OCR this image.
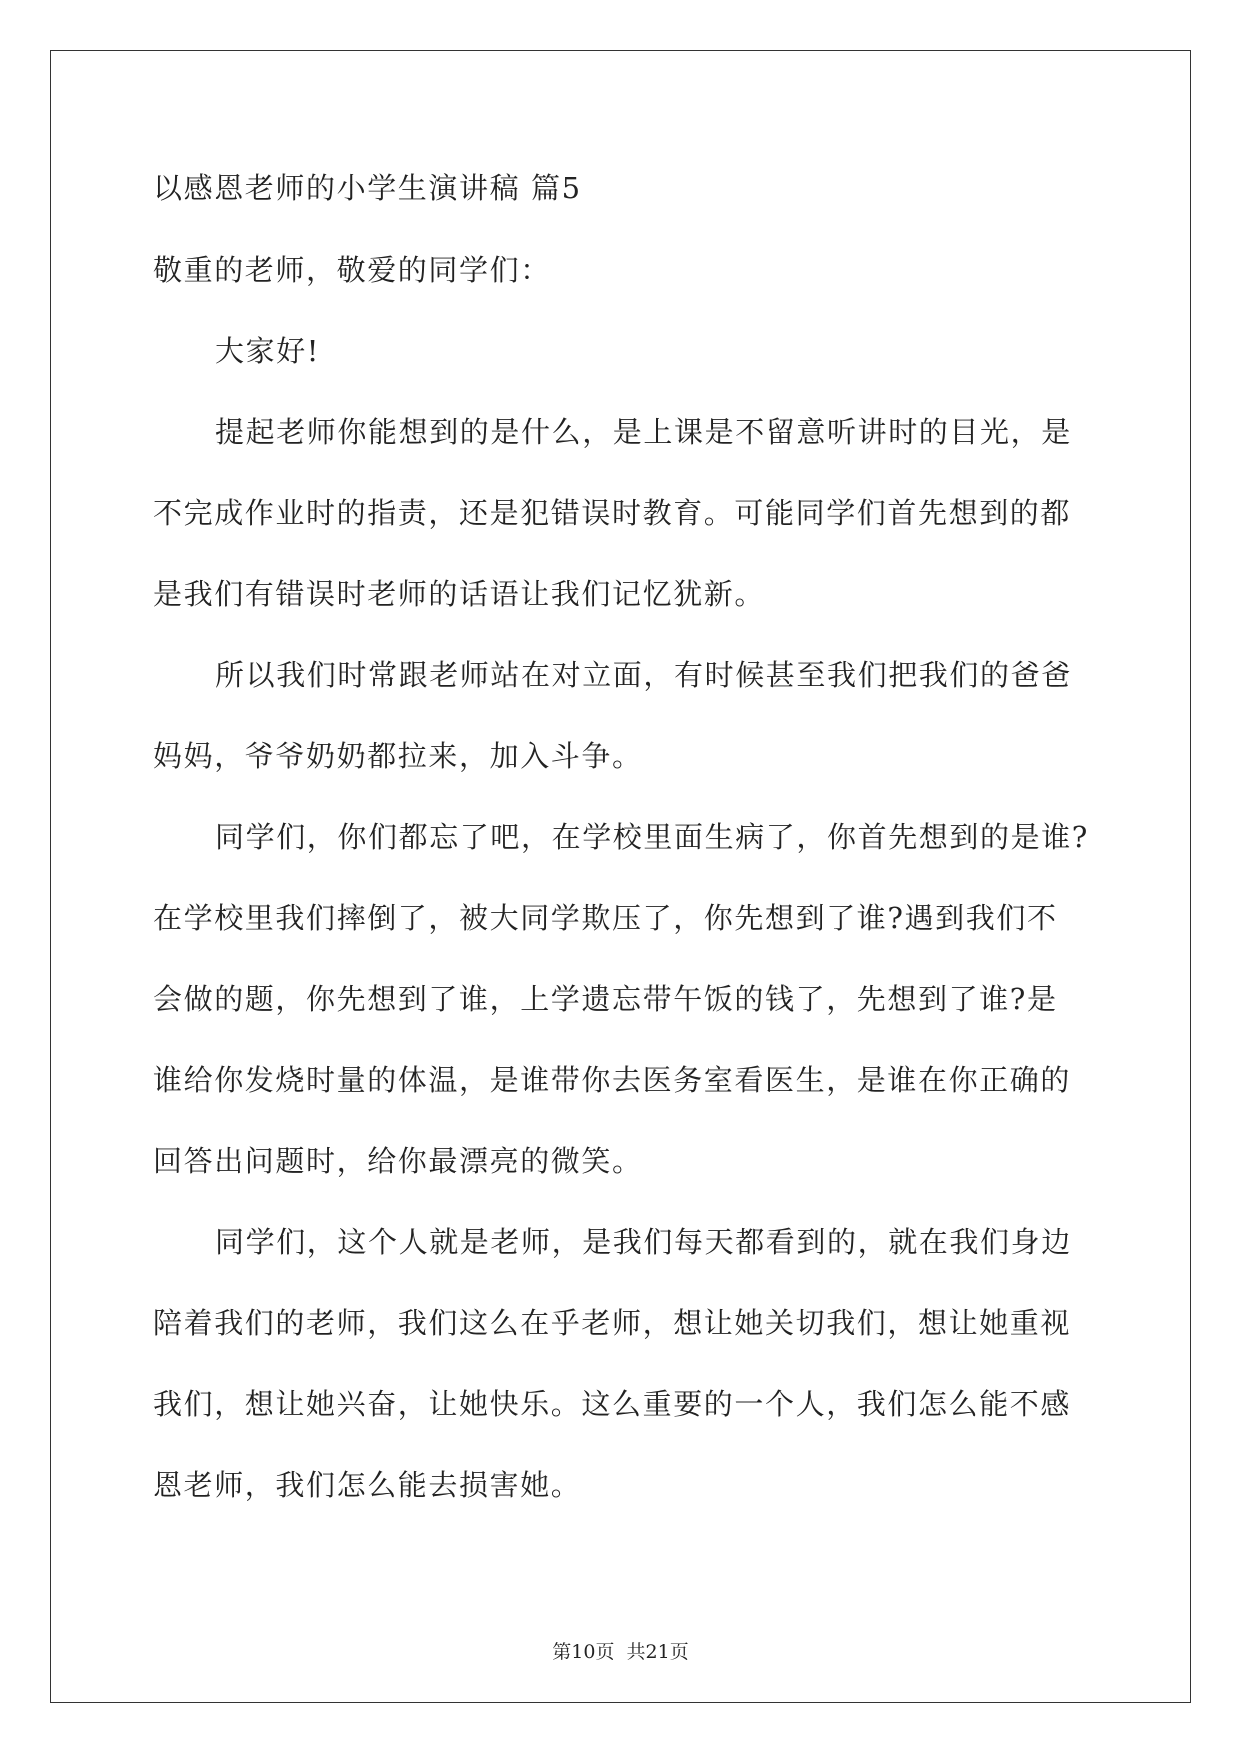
以感恩老师的小学生演讲稿 篇5
敬重的老师，敬爱的同学们：
大家好!
提起老师你能想到的是什么，是上课是不留意听讲时的目光，是
不完成作业时的指责，还是犯错误时教育。可能同学们首先想到的都
是我们有错误时老师的话语让我们记忆犹新。
所以我们时常跟老师站在对立面，有时候甚至我们把我们的爸爸
妈妈，爷爷奶奶都拉来，加入斗争。
同学们，你们都忘了吧，在学校里面生病了，你首先想到的是谁?
在学校里我们摔倒了，被大同学欺压了，你先想到了谁?遇到我们不
会做的题，你先想到了谁，上学遗忘带午饭的钱了，先想到了谁?是
谁给你发烧时量的体温，是谁带你去医务室看医生，是谁在你正确的
回答出问题时，给你最漂亮的微笑。
同学们，这个人就是老师，是我们每天都看到的，就在我们身边
陪着我们的老师，我们这么在乎老师，想让她关切我们，想让她重视
我们，想让她兴奋，让她快乐。这么重要的一个人，我们怎么能不感
恩老师，我们怎么能去损害她。
第10页 共21页
